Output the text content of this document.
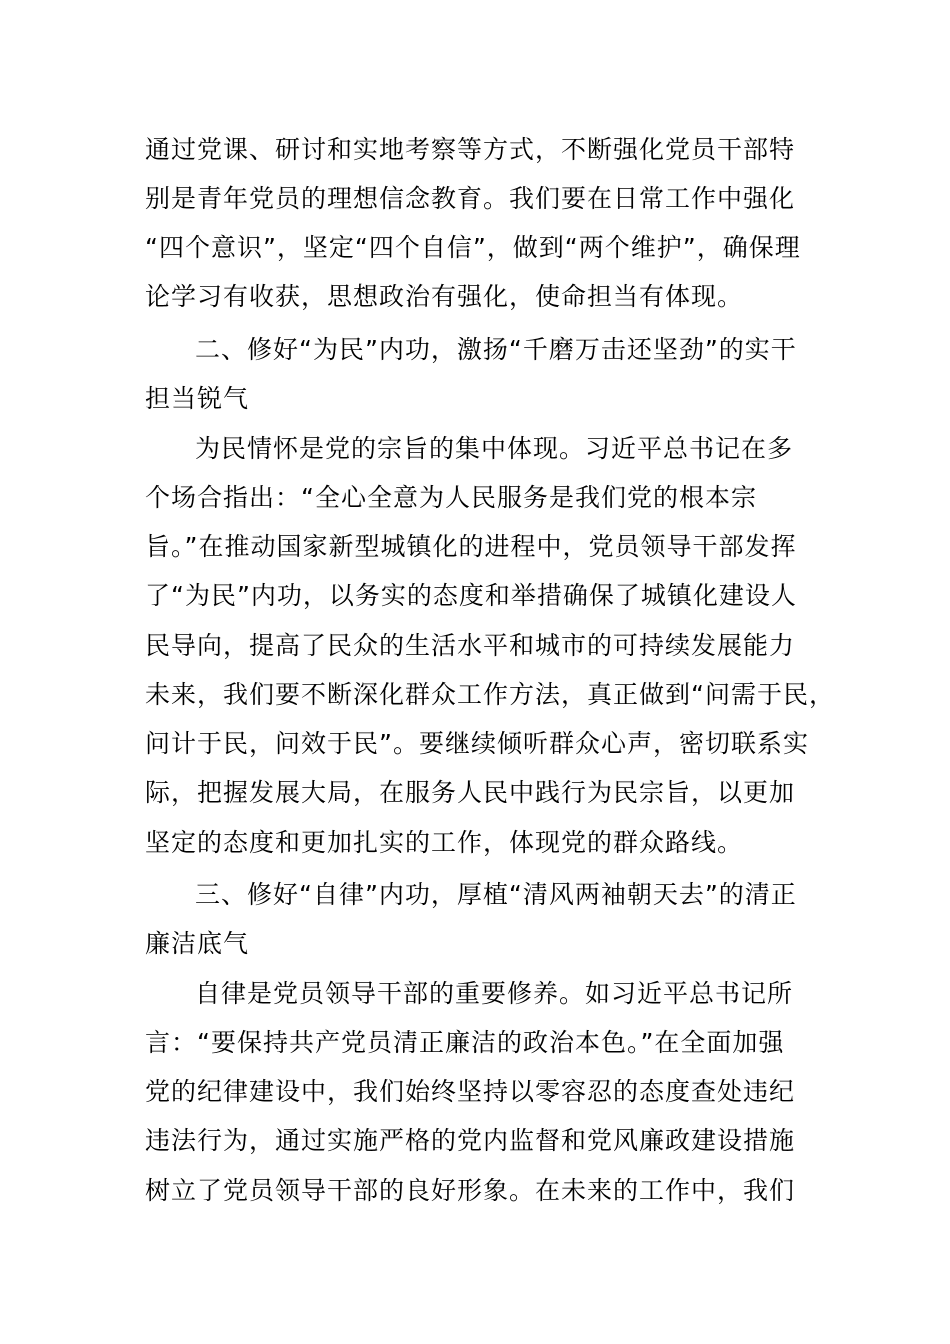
通过党课、研讨和实地考察等方式，不断强化党员干部特
别是青年党员的理想信念教育。我们要在日常工作中强化
“四个意识”，坚定“四个自信”，做到“两个维护”，确保理
论学习有收获，思想政治有强化，使命担当有体现。
二、修好“为民”内功，激扬“千磨万击还坚劲”的实干
担当锐气
为民情怀是党的宗旨的集中体现。习近平总书记在多
个场合指出：“全心全意为人民服务是我们党的根本宗
旨。”在推动国家新型城镇化的进程中，党员领导干部发挥
了“为民”内功，以务实的态度和举措确保了城镇化建设人
民导向，提高了民众的生活水平和城市的可持续发展能力
未来，我们要不断深化群众工作方法，真正做到“问需于民，
问计于民，问效于民”。要继续倾听群众心声，密切联系实
际，把握发展大局，在服务人民中践行为民宗旨，以更加
坚定的态度和更加扎实的工作，体现党的群众路线。
三、修好“自律”内功，厚植“清风两袖朝天去”的清正
廉洁底气
自律是党员领导干部的重要修养。如习近平总书记所
言：“要保持共产党员清正廉洁的政治本色。”在全面加强
党的纪律建设中，我们始终坚持以零容忍的态度查处违纪
违法行为，通过实施严格的党内监督和党风廉政建设措施
树立了党员领导干部的良好形象。在未来的工作中，我们
